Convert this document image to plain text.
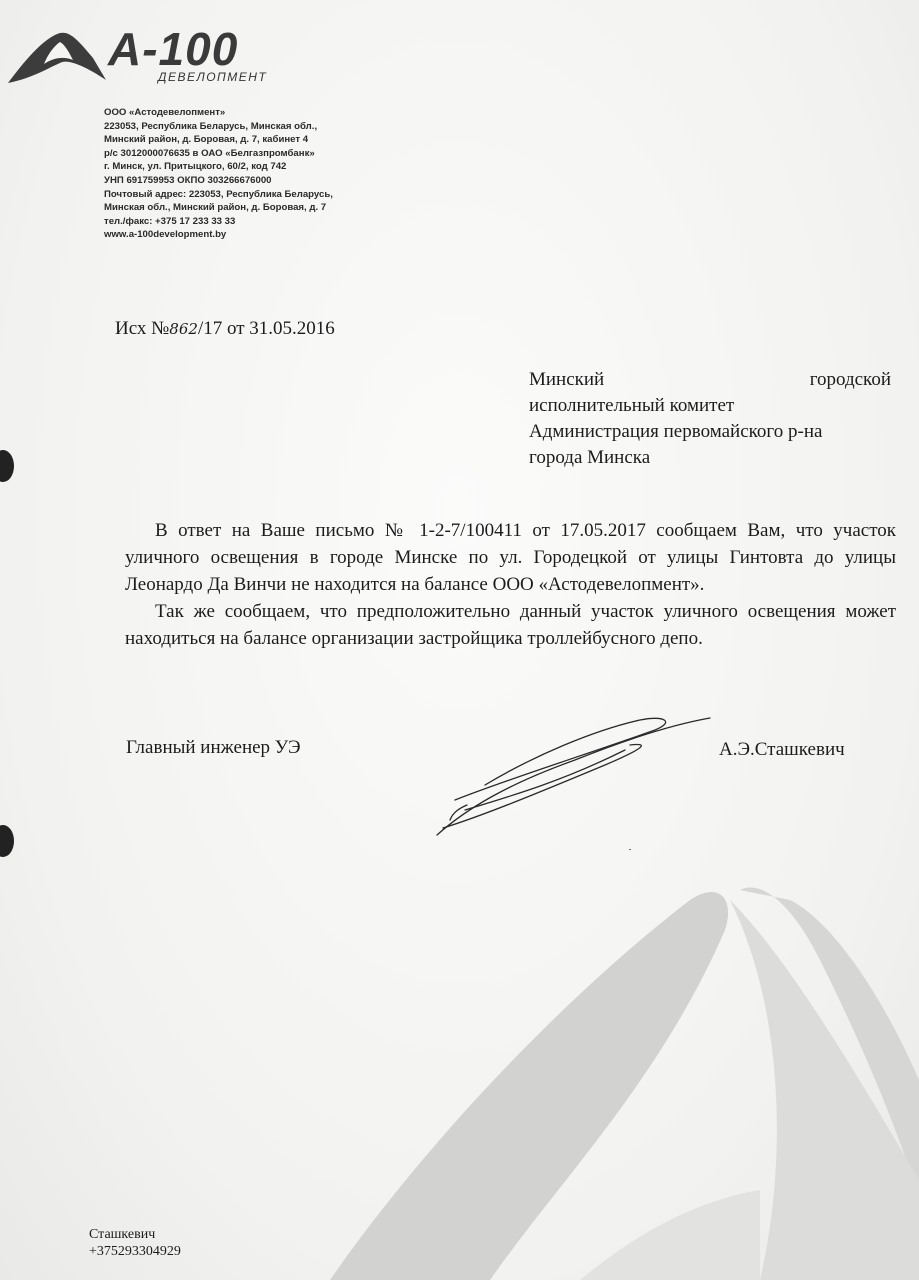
А-100
ДЕВЕЛОПМЕНТ
ООО «Астодевелопмент»
223053, Республика Беларусь, Минская обл.,
Минский район, д. Боровая, д. 7, кабинет 4
р/с 3012000076635 в ОАО «Белгазпромбанк»
г. Минск, ул. Притыцкого, 60/2, код 742
УНП 691759953 ОКПО 303266676000
Почтовый адрес: 223053, Республика Беларусь,
Минская обл., Минский район, д. Боровая, д. 7
тел./факс: +375 17 233 33 33
www.a-100development.by
Исх №862/17 от 31.05.2016
Минский	городской
исполнительный комитет
Администрация первомайского р-на
города Минска

В ответ на Ваше письмо № 1-2-7/100411 от 17.05.2017 сообщаем Вам, что участок уличного освещения в городе Минске по ул. Городецкой от улицы Гинтовта до улицы Леонардо Да Винчи не находится на балансе ООО «Астодевелопмент».

Так же сообщаем, что предположительно данный участок уличного освещения может находиться на балансе организации застройщика троллейбусного депо.

Главный инженер УЭ	А.Э.Сташкевич
Сташкевич
+375293304929
